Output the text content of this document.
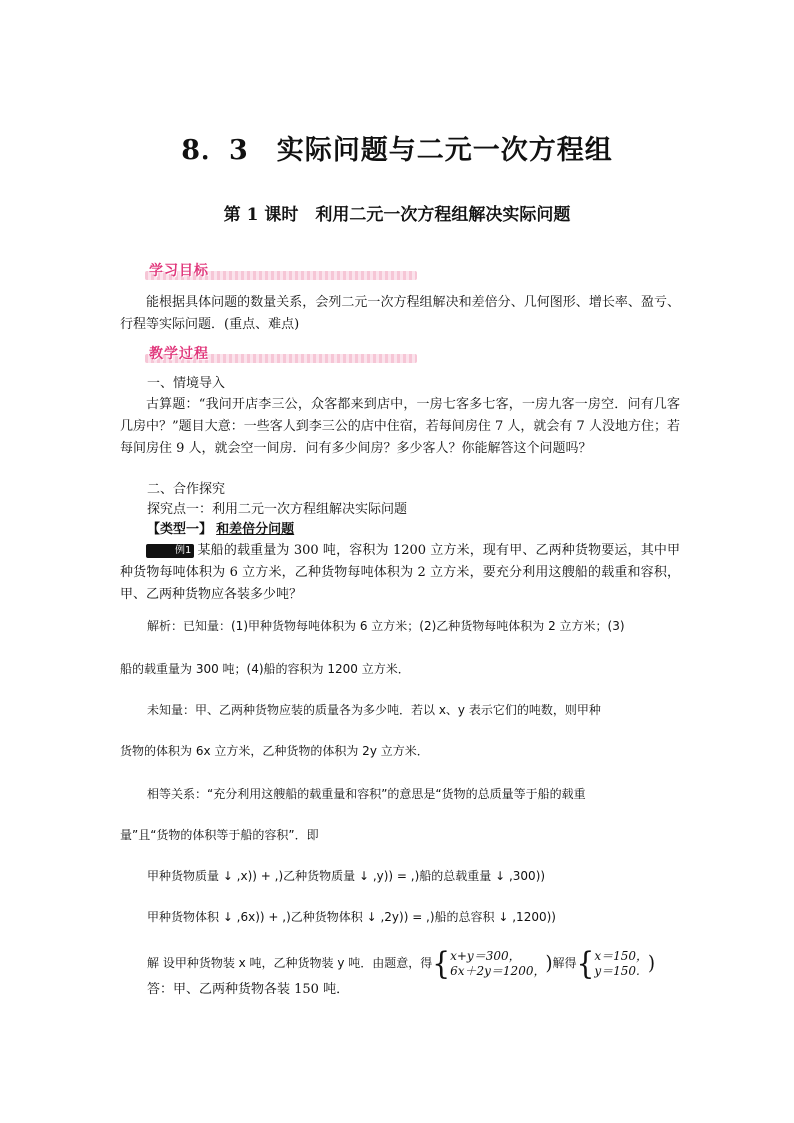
8．3　实际问题与二元一次方程组
第 1 课时　利用二元一次方程组解决实际问题
学习目标
能根据具体问题的数量关系，会列二元一次方程组解决和差倍分、几何图形、增长率、盈亏、行程等实际问题．(重点、难点)
教学过程
一、情境导入
古算题：“我问开店李三公，众客都来到店中，一房七客多七客，一房九客一房空．问有几客几房中？”题目大意：一些客人到李三公的店中住宿，若每间房住 7 人，就会有 7 人没地方住；若每间房住 9 人，就会空一间房．问有多少间房？多少客人？你能解答这个问题吗？
二、合作探究
探究点一：利用二元一次方程组解决实际问题
【类型一】 和差倍分问题
例1 某船的载重量为 300 吨，容积为 1200 立方米，现有甲、乙两种货物要运，其中甲种货物每吨体积为 6 立方米，乙种货物每吨体积为 2 立方米，要充分利用这艘船的载重和容积，甲、乙两种货物应各装多少吨？
解析：已知量：(1)甲种货物每吨体积为 6 立方米；(2)乙种货物每吨体积为 2 立方米；(3)
船的载重量为 300 吨；(4)船的容积为 1200 立方米．
未知量：甲、乙两种货物应装的质量各为多少吨．若以 x、y 表示它们的吨数，则甲种
货物的体积为 6x 立方米，乙种货物的体积为 2y 立方米．
相等关系：“充分利用这艘船的载重量和容积”的意思是“货物的总质量等于船的载重
量”且“货物的体积等于船的容积”．即
甲种货物质量 ↓ ,x)) + ,)乙种货物质量 ↓ ,y)) = ,)船的总载重量 ↓ ,300))
甲种货物体积 ↓ ,6x)) + ,)乙种货物体积 ↓ ,2y)) = ,)船的总容积 ↓ ,1200))
解 设甲种货物装 x 吨，乙种货物装 y 吨．由题意，得{x+y＝300，
6x＋2y＝1200，)解得{x＝150，
y＝150. )
答：甲、乙两种货物各装 150 吨．
